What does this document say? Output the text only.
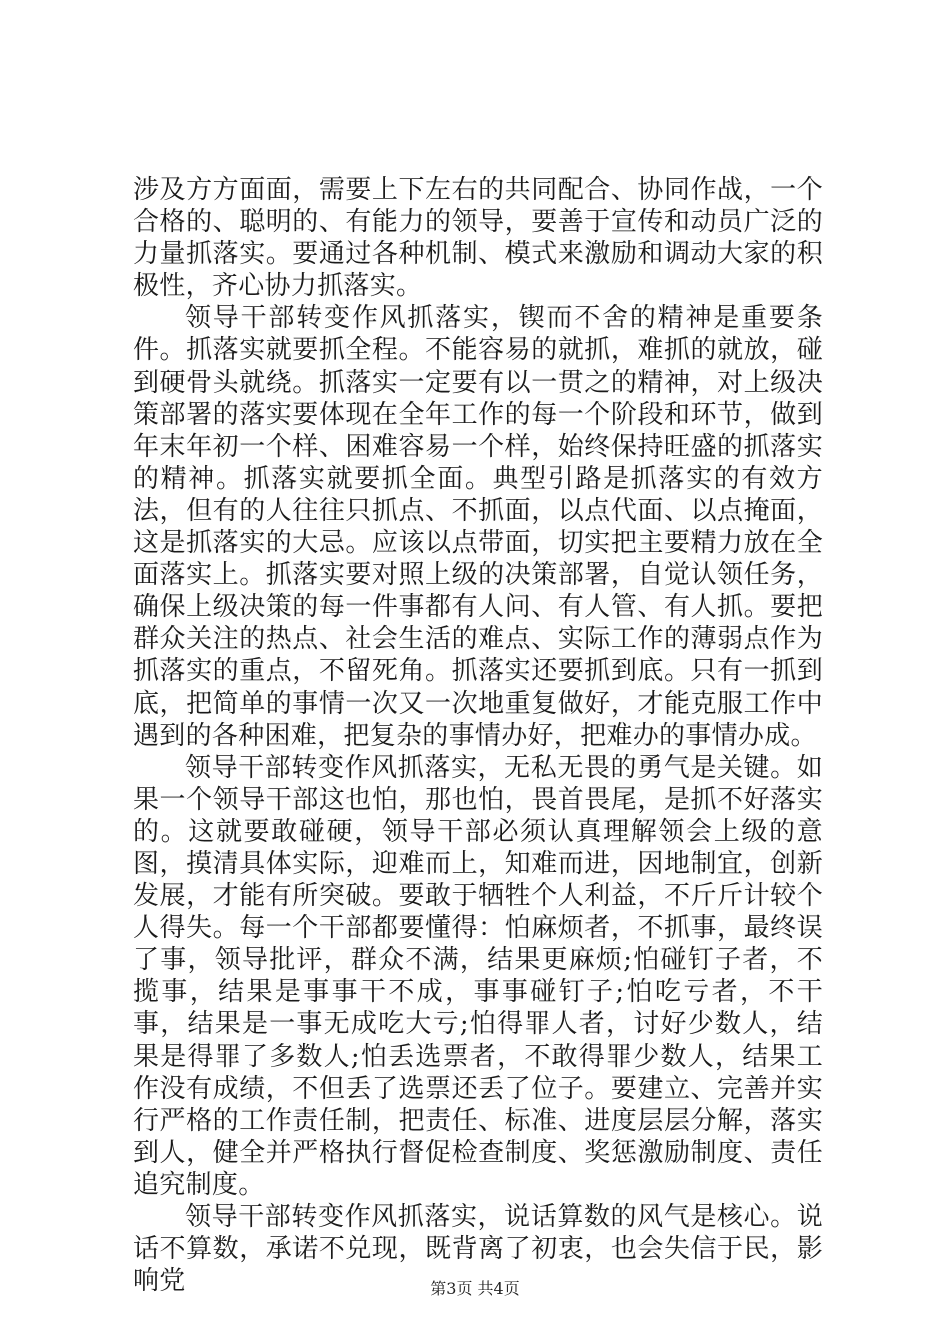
涉及方方面面，需要上下左右的共同配合、协同作战，一个合格的、聪明的、有能力的领导，要善于宣传和动员广泛的力量抓落实。要通过各种机制、模式来激励和调动大家的积极性，齐心协力抓落实。

领导干部转变作风抓落实，锲而不舍的精神是重要条件。抓落实就要抓全程。不能容易的就抓，难抓的就放，碰到硬骨头就绕。抓落实一定要有以一贯之的精神，对上级决策部署的落实要体现在全年工作的每一个阶段和环节，做到年末年初一个样、困难容易一个样，始终保持旺盛的抓落实的精神。抓落实就要抓全面。典型引路是抓落实的有效方法，但有的人往往只抓点、不抓面，以点代面、以点掩面，这是抓落实的大忌。应该以点带面，切实把主要精力放在全面落实上。抓落实要对照上级的决策部署，自觉认领任务，确保上级决策的每一件事都有人问、有人管、有人抓。要把群众关注的热点、社会生活的难点、实际工作的薄弱点作为抓落实的重点，不留死角。抓落实还要抓到底。只有一抓到底，把简单的事情一次又一次地重复做好，才能克服工作中遇到的各种困难，把复杂的事情办好，把难办的事情办成。

领导干部转变作风抓落实，无私无畏的勇气是关键。如果一个领导干部这也怕，那也怕，畏首畏尾，是抓不好落实的。这就要敢碰硬，领导干部必须认真理解领会上级的意图，摸清具体实际，迎难而上，知难而进，因地制宜，创新发展，才能有所突破。要敢于牺牲个人利益，不斤斤计较个人得失。每一个干部都要懂得：怕麻烦者，不抓事，最终误了事，领导批评，群众不满，结果更麻烦;怕碰钉子者，不揽事，结果是事事干不成，事事碰钉子;怕吃亏者，不干事，结果是一事无成吃大亏;怕得罪人者，讨好少数人，结果是得罪了多数人;怕丢选票者，不敢得罪少数人，结果工作没有成绩，不但丢了选票还丢了位子。要建立、完善并实行严格的工作责任制，把责任、标准、进度层层分解，落实到人，健全并严格执行督促检查制度、奖惩激励制度、责任追究制度。

领导干部转变作风抓落实，说话算数的风气是核心。说话不算数，承诺不兑现，既背离了初衷，也会失信于民，影响党	第3页 共4页
